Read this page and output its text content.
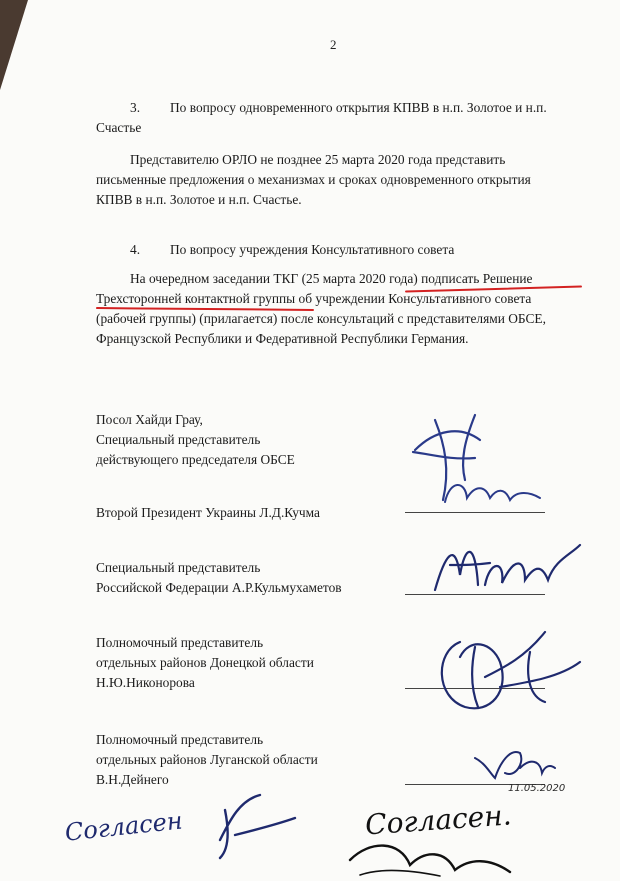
2
3. По вопросу одновременного открытия КПВВ в н.п. Золотое и н.п.
Счастье
Представителю ОРЛО не позднее 25 марта 2020 года представить
письменные предложения о механизмах и сроках одновременного открытия
КПВВ в н.п. Золотое и н.п. Счастье.
4. По вопросу учреждения Консультативного совета
На очередном заседании ТКГ (25 марта 2020 года) подписать Решение
Трехсторонней контактной группы об учреждении Консультативного совета
(рабочей группы) (прилагается) после консультаций с представителями ОБСЕ,
Французской Республики и Федеративной Республики Германия.
Посол Хайди Грау,
Специальный представитель
действующего председателя ОБСЕ
Второй Президент Украины Л.Д.Кучма
Специальный представитель
Российской Федерации А.Р.Кульмухаметов
Полномочный представитель
отдельных районов Донецкой области
Н.Ю.Никонорова
Полномочный представитель
отдельных районов Луганской области
В.Н.Дейнего
11.05.2020
Согласен	Согласен.
